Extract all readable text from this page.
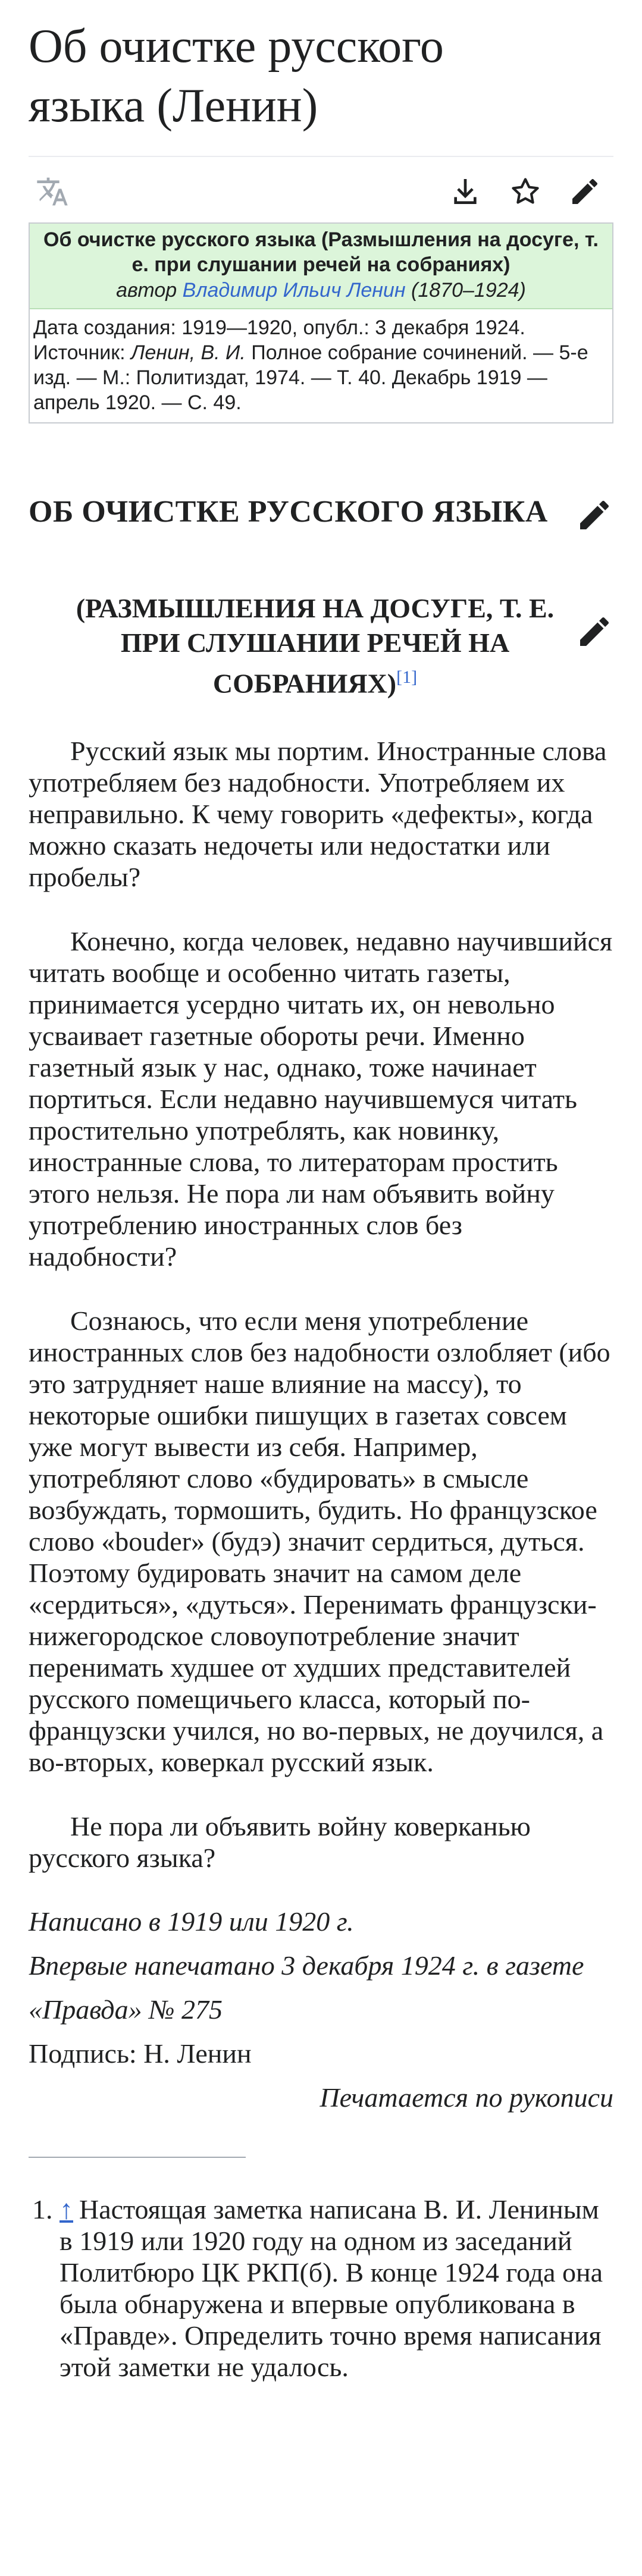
Об очистке русского
языка (Ленин)
Об очистке русского языка (Размышления на досуге, т. е. при слушании речей на собраниях)
автор Владимир Ильич Ленин (1870–1924)
Дата создания: 1919—1920, опубл.: 3 декабря 1924.
Источник: Ленин, В. И. Полное собрание сочинений. — 5-е изд. — М.: Политиздат, 1974. — Т. 40. Декабрь 1919 — апрель 1920. — С. 49.
ОБ ОЧИСТКЕ РУССКОГО ЯЗЫКА
(РАЗМЫШЛЕНИЯ НА ДОСУГЕ, Т. Е. ПРИ СЛУШАНИИ РЕЧЕЙ НА СОБРАНИЯХ)[1]

Русский язык мы портим. Иностранные слова употребляем без надобности. Употребляем их неправильно. К чему говорить «дефекты», когда можно сказать недочеты или недостатки или пробелы?

Конечно, когда человек, недавно научившийся читать вообще и особенно читать газеты, принимается усердно читать их, он невольно усваивает газетные обороты речи. Именно газетный язык у нас, однако, тоже начинает портиться. Если недавно научившемуся читать простительно употреблять, как новинку, иностранные слова, то литераторам простить этого нельзя. Не пора ли нам объявить войну употреблению иностранных слов без надобности?

Сознаюсь, что если меня употребление иностранных слов без надобности озлобляет (ибо это затрудняет наше влияние на массу), то некоторые ошибки пишущих в газетах совсем уже могут вывести из себя. Например, употребляют слово «будировать» в смысле возбуждать, тормошить, будить. Но французское слово «bouder» (будэ) значит сердиться, дуться. Поэтому будировать значит на самом деле «сердиться», «дуться». Перенимать французски-нижегородское словоупотребление значит перенимать худшее от худших представителей русского помещичьего класса, который по-французски учился, но во-первых, не доучился, а во-вторых, коверкал русский язык.

Не пора ли объявить войну коверканью русского языка?

Написано в 1919 или 1920 г.

Впервые напечатано 3 декабря 1924 г. в газете «Правда» № 275

Подпись: Н. Ленин

Печатается по рукописи

1. ↑ Настоящая заметка написана В. И. Лениным в 1919 или 1920 году на одном из заседаний Политбюро ЦК РКП(б). В конце 1924 года она была обнаружена и впервые опубликована в «Правде». Определить точно время написания этой заметки не удалось.
